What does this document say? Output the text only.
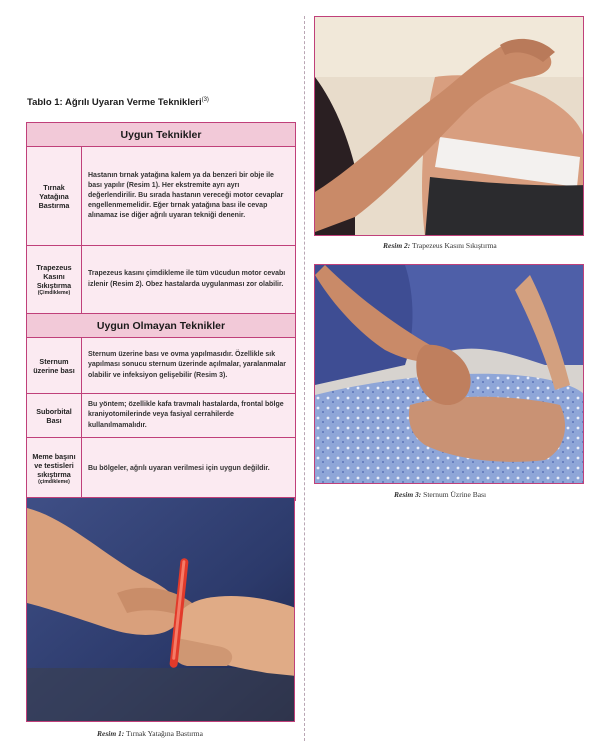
Tablo 1: Ağrılı Uyaran Verme Teknikleri$^{(3)}$
Uygun Teknikler
Tırnak Yatağına Bastırma
Hastanın tırnak yatağına kalem ya da benzeri bir obje ile bası yapılır (Resim 1). Her ekstremite ayrı ayrı değerlendirilir. Bu sırada hastanın vereceği motor cevaplar engellenmemelidir. Eğer tırnak yatağına bası ile cevap alınamaz ise diğer ağrılı uyaran tekniği denenir.
Trapezeus Kasını Sıkıştırma
(Çimdikleme)
Trapezeus kasını çimdikleme ile tüm vücudun motor cevabı izlenir (Resim 2). Obez hastalarda uygulanması zor olabilir.
Uygun Olmayan Teknikler
Sternum üzerine bası
Sternum üzerine bası ve ovma yapılmasıdır. Özellikle sık yapılması sonucu sternum üzerinde açılmalar, yaralanmalar olabilir ve infeksiyon gelişebilir (Resim 3).
Suborbital Bası
Bu yöntem; özellikle kafa travmalı hastalarda, frontal bölge kraniyotomilerinde veya fasiyal cerrahilerde kullanılmamalıdır.
Meme başını ve testisleri sıkıştırma
(çimdikleme)
Bu bölgeler, ağrılı uyaran verilmesi için uygun değildir.
Resim 1: Tırnak Yatağına Bastırma
Resim 2: Trapezeus Kasını Sıkıştırma
Resim 3: Sternum Üzrine Bası
